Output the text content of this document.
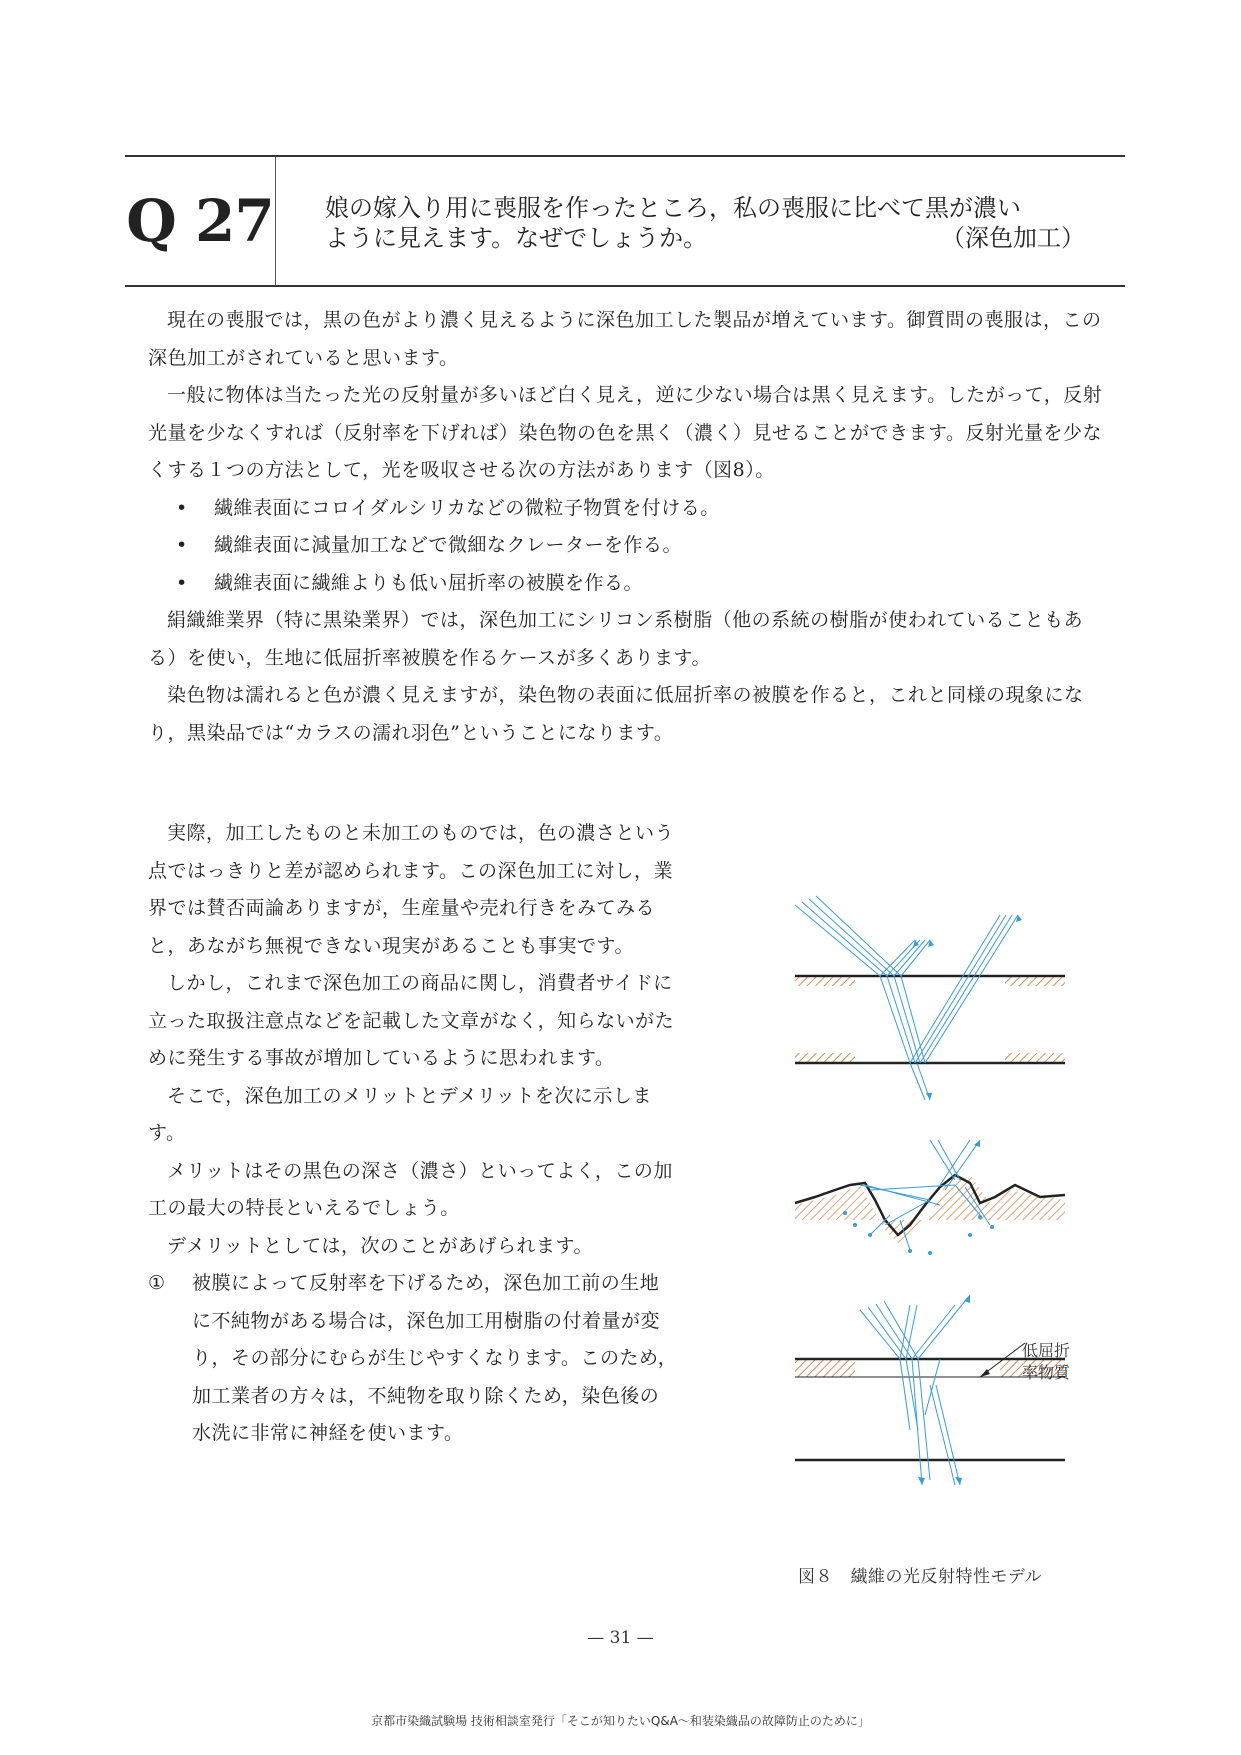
Q 27 娘の嫁入り用に喪服を作ったところ，私の喪服に比べて黒が濃い
ように見えます。なぜでしょうか。	（深色加工）

現在の喪服では，黒の色がより濃く見えるように深色加工した製品が増えています。御質問の喪服は，この深色加工がされていると思います。

一般に物体は当たった光の反射量が多いほど白く見え，逆に少ない場合は黒く見えます。したがって，反射光量を少なくすれば（反射率を下げれば）染色物の色を黒く（濃く）見せることができます。反射光量を少なくする１つの方法として，光を吸収させる次の方法があります（図8）。

• 繊維表面にコロイダルシリカなどの微粒子物質を付ける。
• 繊維表面に減量加工などで微細なクレーターを作る。
• 繊維表面に繊維よりも低い屈折率の被膜を作る。

絹織維業界（特に黒染業界）では，深色加工にシリコン系樹脂（他の系統の樹脂が使われていることもある）を使い，生地に低屈折率被膜を作るケースが多くあります。

染色物は濡れると色が濃く見えますが，染色物の表面に低屈折率の被膜を作ると，これと同様の現象になり，黒染品では“カラスの濡れ羽色”ということになります。

実際，加工したものと未加工のものでは，色の濃さという点ではっきりと差が認められます。この深色加工に対し，業界では賛否両論ありますが，生産量や売れ行きをみてみると，あながち無視できない現実があることも事実です。

しかし，これまで深色加工の商品に関し，消費者サイドに立った取扱注意点などを記載した文章がなく，知らないがために発生する事故が増加しているように思われます。

そこで，深色加工のメリットとデメリットを次に示します。

メリットはその黒色の深さ（濃さ）といってよく，この加工の最大の特長といえるでしょう。

デメリットとしては，次のことがあげられます。

① 被膜によって反射率を下げるため，深色加工前の生地に不純物がある場合は，深色加工用樹脂の付着量が変り，その部分にむらが生じやすくなります。このため，加工業者の方々は，不純物を取り除くため，染色後の水洗に非常に神経を使います。

低屈折
率物質
図８　繊維の光反射特性モデル
— 31 —
京都市染織試験場 技術相談室発行「そこが知りたいQ&A～和装染織品の故障防止のために」
